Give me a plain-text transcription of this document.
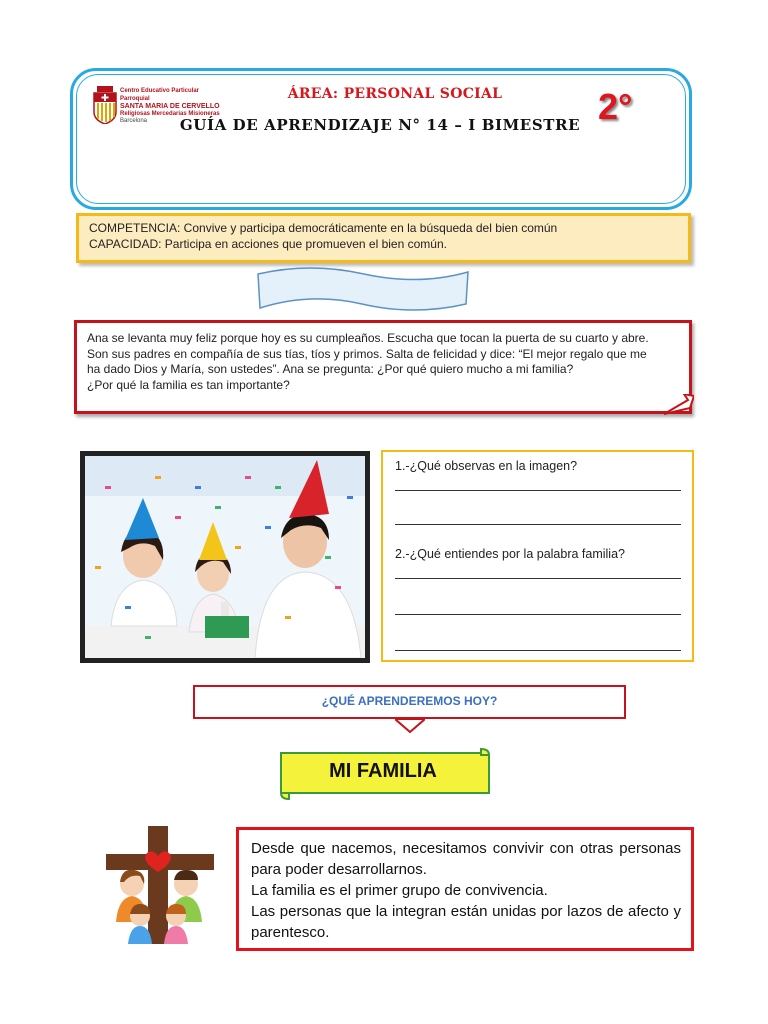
Centro Educativo Particular Parroquial
SANTA MARIA DE CERVELLO
Religiosas Mercedarias Misioneras
Barcelona
ÁREA: PERSONAL SOCIAL
GUÍA DE APRENDIZAJE N° 14 – I BIMESTRE 2°
COMPETENCIA: Convive y participa democráticamente en la búsqueda del bien común
CAPACIDAD: Participa en acciones que promueven el bien común.
Ana se levanta muy feliz porque hoy es su cumpleaños. Escucha que tocan la puerta de su cuarto y abre.
Son sus padres en compañía de sus tías, tíos y primos. Salta de felicidad y dice: “El mejor regalo que me
ha dado Dios y María, son ustedes”. Ana se pregunta: ¿Por qué quiero mucho a mi familia?
¿Por qué la familia es tan importante?
1.-¿Qué observas en la imagen?
2.-¿Qué entiendes por la palabra familia?
¿QUÉ APRENDEREMOS HOY?
MI FAMILIA

Desde que nacemos, necesitamos convivir con otras personas para poder desarrollarnos.

La familia es el primer grupo de convivencia.

Las personas que la integran están unidas por lazos de afecto y parentesco.
